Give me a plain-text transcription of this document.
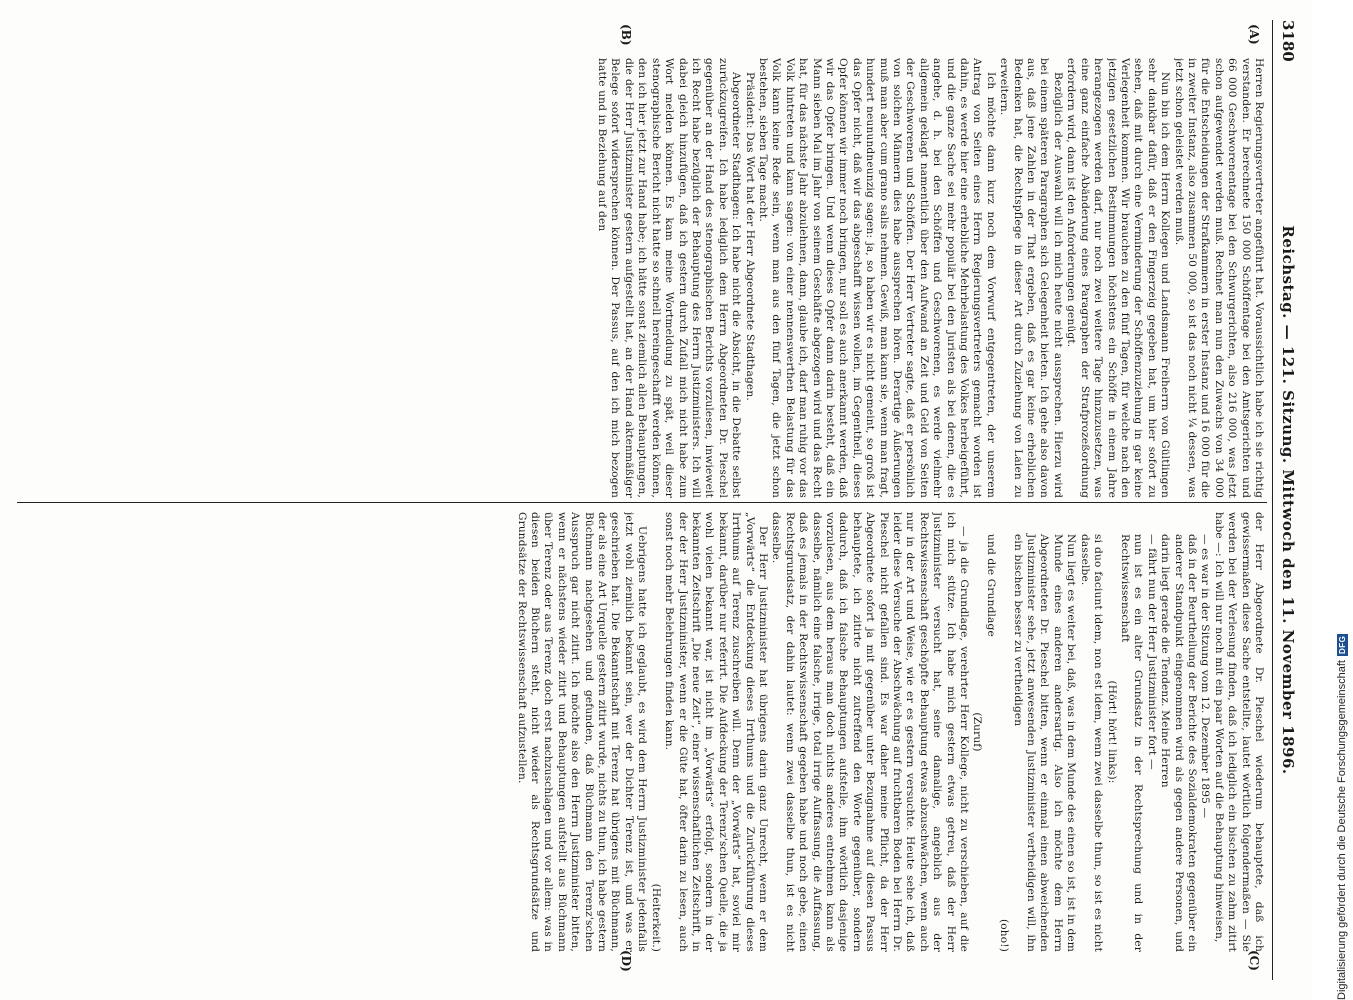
3180
Reichstag. — 121. Sitzung. Mittwoch den 11. November 1896.
(A)
(B)
(C)
(D)

Herren Regierungsvertreter angeführt hat. Voraussichtlich habe ich sie richtig verstanden. Er berechnete 150 000 Schöffentage bei den Amtsgerichten und 66 000 Geschworenentage bei den Schwurgerichten, also 216 000, was jetzt schon aufgewendet werden muß. Rechnet man nun den Zuwachs von 34 000 für die Entscheidungen der Strafkammern in erster Instanz und 16 000 für die in zweiter Instanz, also zusammen 50 000, so ist das noch nicht ¼ dessen, was jetzt schon geleistet werden muß.

Nun bin ich dem Herrn Kollegen und Landsmann Freiherrn von Gültlingen sehr dankbar dafür, daß er den Fingerzeig gegeben hat, um hier sofort zu sehen, daß mit durch eine Verminderung der Schöffenzuziehung in gar keine Verlegenheit kommen. Wir brauchen zu den fünf Tagen, für welche nach den jetzigen gesetzlichen Bestimmungen höchstens ein Schöffe in einem Jahre herangezogen werden darf, nur noch zwei weitere Tage hinzuzusetzen, was eine ganz einfache Abänderung eines Paragraphen der Strafprozeßordnung erfordern wird, dann ist den Anforderungen genügt.

Bezüglich der Auswahl will ich mich heute nicht aussprechen. Hierzu wird bei einem späteren Paragraphen sich Gelegenheit bieten. Ich gehe also davon aus, daß jene Zahlen in der That ergeben, daß es gar keine erheblichen Bedenken hat, die Rechtspflege in dieser Art durch Zuziehung von Laien zu erweitern.

Ich möchte dann kurz noch dem Vorwurf entgegentreten, der unserem Antrag von Seiten eines Herrn Regierungsvertreters gemacht worden ist dahin, es werde hier eine erhebliche Mehrbelastung des Volkes herbeigeführt, und die ganze Sache sei mehr populär bei den Juristen als bei denen, die es angehe, d. h. bei den Schöffen und Geschworenen, es werde vielmehr allgemein geklagt namentlich über den Aufwand an Zeit und Geld von Seiten der Geschworenen und Schöffen. Der Herr Vertreter sagte, daß er persönlich von solchen Männern dies habe aussprechen hören. Derartige Äußerungen muß man aber cum grano salis nehmen. Gewiß, man kann sie, wenn man fragt, hundert neunundneunzig sagen: ja, so haben wir es nicht gemeint, so groß ist das Opfer nicht, daß wir das abgeschafft wissen wollen, im Gegentheil, dieses Opfer können wir immer noch bringen, nur soll es auch anerkannt werden, daß wir das Opfer bringen. Und wenn dieses Opfer dann darin besteht, daß ein Mann sieben Mal im Jahr von seinem Geschäfte abgezogen wird und das Recht hat, für das nächste Jahr abzulehnen, dann, glaube ich, darf man ruhig vor das Volk hintreten und kann sagen: von einer nennenswerthen Belastung für das Volk kann keine Rede sein, wenn man aus den fünf Tagen, die jetzt schon bestehen, sieben Tage macht.

Präsident: Das Wort hat der Herr Abgeordnete Stadthagen.

Abgeordneter Stadthagen: Ich habe nicht die Absicht, in die Debatte selbst zurückzugreifen. Ich habe lediglich dem Herrn Abgeordneten Dr. Pieschel gegenüber an der Hand des stenographischen Berichts vorzulesen, inwieweit ich Recht habe bezüglich der Behauptung des Herrn Justizministers. Ich will dabei gleich hinzufügen, daß ich gestern durch Zufall mich nicht habe zum Wort melden können. Es kam meine Wortmeldung zu spät, weil dieser stenographische Bericht nicht hatte so schnell hereingeschafft werden können, den ich hier jetzt zur Hand habe; ich hätte sonst ziemlich allen Behauptungen, die der Herr Justizminister gestern aufgestellt hat, an der Hand aktenmäßiger Belege sofort widersprechen können. Der Passus, auf den ich mich bezogen hatte und in Beziehung auf den

der Herr Abgeordnete Dr. Pieschel wiederum behauptete, daß ich gewissermaßen diese Sache entstellte, lautet wörtlich folgendermaßen — Sie werden bei der Verlesung finden, daß ich lediglich ein bischen zu zahm zitirt habe —: Ich will nur noch mit ein paar Worten auf die Behauptung hinweisen,

— es war in der Sitzung vom 12. Dezember 1895 —

daß in der Beurtheilung der Berichte des Sozialdemokraten gegenüber ein anderer Standpunkt eingenommen wird als gegen andere Personen, und darin liegt gerade die Tendenz. Meine Herren

— fährt nun der Herr Justizminister fort —

nun ist es ein alter Grundsatz in der Rechtsprechung und in der Rechtswissenschaft

(Hört! hört! links):

si duo faciunt idem, non est idem, wenn zwei dasselbe thun, so ist es nicht dasselbe.

Nun liegt es weiter bei, daß, was in dem Munde des einen so ist, ist in dem Munde eines anderen andersartig. Also ich möchte dem Herrn Abgeordneten Dr. Pieschel bitten, wenn er einmal einen abweichenden Justizminister sehe, jetzt anwesenden Justizminister vertheidigen will, ihn ein bischen besser zu vertheidigen

(oho!)

und die Grundlage

(Zuruf)

— ja die Grundlage, verehrter Herr Kollege, nicht zu verschieben, auf die ich mich stütze. Ich habe mich gestern etwas getreu, daß der Herr Justizminister versucht hat, seine damalige, angeblich aus der Rechtswissenschaft geschöpfte Behauptung etwas abzuschwächen, wenn auch nur in der Art und Weise, wie er es gestern versuchte. Heute sehe ich, daß leider diese Versuche der Abschwächung auf fruchtbaren Boden bei Herrn Dr. Pieschel nicht gefallen sind. Es war daher meine Pflicht, da der Herr Abgeordnete sofort ja mit gegenüber unter Bezugnahme auf diesen Passus behauptete, ich zitirte nicht zutreffend den Worte gegenüber, sondern dadurch, daß ich falsche Behauptungen aufstelle, ihm wörtlich dasjenige vorzulesen, aus dem heraus man doch nichts anderes entnehmen kann als dasselbe, nämlich eine falsche, irrige, total irrige Auffassung, die Auffassung, daß es jemals in der Rechtswissenschaft gegeben habe und noch gebe, einen Rechtsgrundsatz, der dahin lautet: wenn zwei dasselbe thun, ist es nicht dasselbe.

Der Herr Justizminister hat übrigens darin ganz Unrecht, wenn er dem „Vorwärts“ die Entdeckung dieses Irrthums und die Zurückführung dieses Irrthums auf Terenz zuschreiben will. Denn der „Vorwärts“ hat, soviel mir bekannt, darüber nur referirt. Die Aufdeckung der Terenz'schen Quelle, die ja wohl vielen bekannt war, ist nicht im „Vorwärts“ erfolgt, sondern in der bekannten Zeitschrift „Die neue Zeit“, einer wissenschaftlichen Zeitschrift, in der der Herr Justizminister, wenn er die Güte hat, öfter darin zu lesen, auch sonst noch mehr Belehrungen finden kann.

(Heiterkeit.)

Uebrigens hatte ich geglaubt, es wird dem Herrn Justizminister jedenfalls jetzt wohl ziemlich bekannt sein, wer der Dichter Terenz ist, und was er geschrieben hat. Die Bekanntschaft mit Terenz hat übrigens mit Büchmann, der als eine Art Urquelle gestern zitirt wurde, nichts zu thun, ich habe gestern Büchmann nachgesehen und gefunden, daß Büchmann den Terenz'schen Ausspruch gar nicht zitirt. Ich möchte also den Herrn Justizminister bitten, wenn er nächstens wieder zitirt und Behauptungen aufstellt aus Büchmann über Terenz oder aus Terenz doch erst nachzuschlagen und vor allem: was in diesen beiden Büchern steht, nicht wieder als Rechtsgrundsätze und Grundsätze der Rechtswissenschaft aufzustellen.

Digitalisierung gefördert durch die Deutsche Forschungsgemeinschaft
DFG
